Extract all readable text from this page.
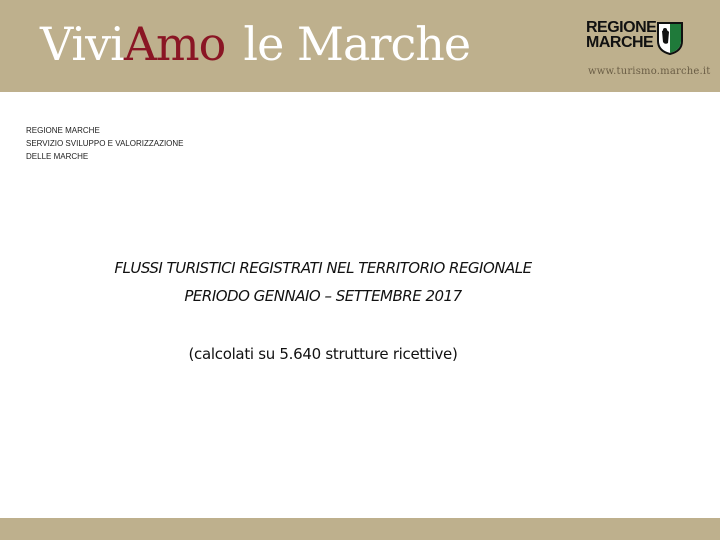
ViviAmo le Marche	REGIONE
MARCHE
www.turismo.marche.it
REGIONE MARCHE
SERVIZIO SVILUPPO E VALORIZZAZIONE
DELLE MARCHE
FLUSSI TURISTICI REGISTRATI NEL TERRITORIO REGIONALE
PERIODO GENNAIO – SETTEMBRE 2017
(calcolati su 5.640 strutture ricettive)
